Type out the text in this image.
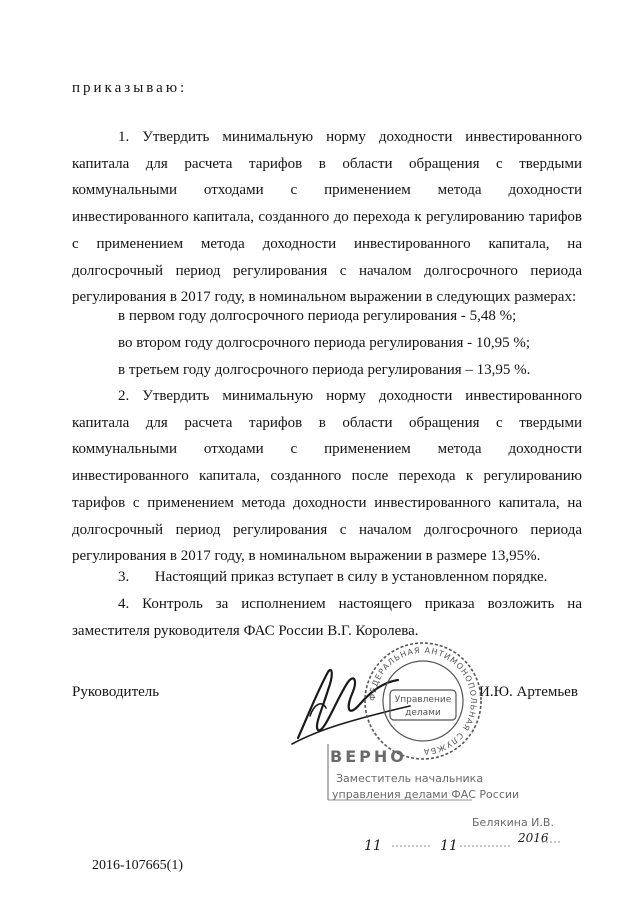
приказываю:

1. Утвердить минимальную норму доходности инвестированного капитала для расчета тарифов в области обращения с твердыми коммунальными отходами с применением метода доходности инвестированного капитала, созданного до перехода к регулированию тарифов с применением метода доходности инвестированного капитала, на долгосрочный период регулирования с началом долгосрочного периода регулирования в 2017 году, в номинальном выражении в следующих размерах:

в первом году долгосрочного периода регулирования - 5,48 %;
во втором году долгосрочного периода регулирования - 10,95 %;
в третьем году долгосрочного периода регулирования – 13,95 %.

2. Утвердить минимальную норму доходности инвестированного капитала для расчета тарифов в области обращения с твердыми коммунальными отходами с применением метода доходности инвестированного капитала, созданного после перехода к регулированию тарифов с применением метода доходности инвестированного капитала, на долгосрочный период регулирования с началом долгосрочного периода регулирования в 2017 году, в номинальном выражении в размере 13,95%.

3. Настоящий приказ вступает в силу в установленном порядке.

4. Контроль за исполнением настоящего приказа возложить на заместителя руководителя ФАС России В.Г. Королева.

Руководитель	И.Ю. Артемьев
ФЕДЕРАЛЬНАЯ АНТИМОНОПОЛЬНАЯ СЛУЖБА
Управление
делами
ВЕРНО
Заместитель начальника
управления делами ФАС России
Белякина И.В.
11	11	2016
2016-107665(1)
